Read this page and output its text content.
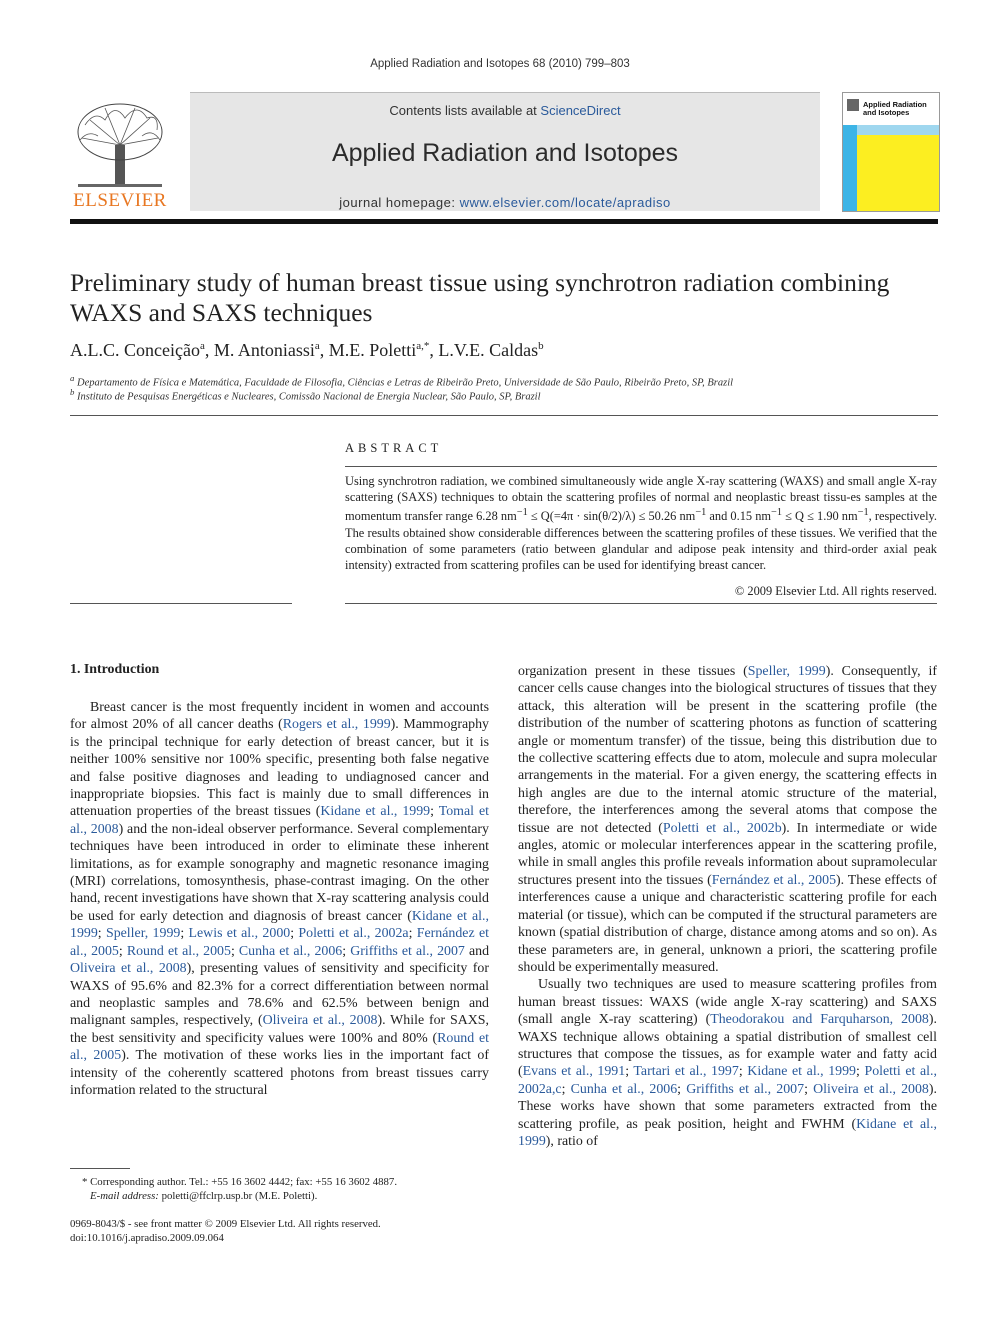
Applied Radiation and Isotopes 68 (2010) 799–803
ELSEVIER
Contents lists available at ScienceDirect
Applied Radiation and Isotopes
journal homepage: www.elsevier.com/locate/apradiso
Applied Radiation and Isotopes
Preliminary study of human breast tissue using synchrotron radiation combining WAXS and SAXS techniques
A.L.C. Conceição$^a$, M. Antoniassi$^a$, M.E. Poletti$^{a,*}$, L.V.E. Caldas$^b$
$^a$ Departamento de Física e Matemática, Faculdade de Filosofia, Ciências e Letras de Ribeirão Preto, Universidade de São Paulo, Ribeirão Preto, SP, Brazil
$^b$ Instituto de Pesquisas Energéticas e Nucleares, Comissão Nacional de Energia Nuclear, São Paulo, SP, Brazil
ABSTRACT
Using synchrotron radiation, we combined simultaneously wide angle X-ray scattering (WAXS) and small angle X-ray scattering (SAXS) techniques to obtain the scattering profiles of normal and neoplastic breast tissu-es samples at the momentum transfer range 6.28 $nm^{-1} \le Q(=4\pi \cdot \sin(\theta/2)/\lambda) \le 50.26$ $nm^{-1}$ and 0.15 $nm^{-1} \le Q \le 1.90$ $nm^{-1}$, respectively. The results obtained show considerable differences between the scattering profiles of these tissues. We verified that the combination of some parameters (ratio between glandular and adipose peak intensity and third-order axial peak intensity) extracted from scattering profiles can be used for identifying breast cancer.
© 2009 Elsevier Ltd. All rights reserved.
1. Introduction

Breast cancer is the most frequently incident in women and accounts for almost 20% of all cancer deaths (Rogers et al., 1999). Mammography is the principal technique for early detection of breast cancer, but it is neither 100% sensitive nor 100% specific, presenting both false negative and false positive diagnoses and leading to undiagnosed cancer and inappropriate biopsies. This fact is mainly due to small differences in attenuation properties of the breast tissues (Kidane et al., 1999; Tomal et al., 2008) and the non-ideal observer performance. Several complementary techniques have been introduced in order to eliminate these inherent limitations, as for example sonography and magnetic resonance imaging (MRI) correlations, tomosynthesis, phase-contrast imaging. On the other hand, recent investigations have shown that X-ray scattering analysis could be used for early detection and diagnosis of breast cancer (Kidane et al., 1999; Speller, 1999; Lewis et al., 2000; Poletti et al., 2002a; Fernández et al., 2005; Round et al., 2005; Cunha et al., 2006; Griffiths et al., 2007 and Oliveira et al., 2008), presenting values of sensitivity and specificity for WAXS of 95.6% and 82.3% for a correct differentiation between normal and neoplastic samples and 78.6% and 62.5% between benign and malignant samples, respectively, (Oliveira et al., 2008). While for SAXS, the best sensitivity and specificity values were 100% and 80% (Round et al., 2005). The motivation of these works lies in the important fact of intensity of the coherently scattered photons from breast tissues carry information related to the structural

organization present in these tissues (Speller, 1999). Consequently, if cancer cells cause changes into the biological structures of tissues that they attack, this alteration will be present in the scattering profile (the distribution of the number of scattering photons as function of scattering angle or momentum transfer) of the tissue, being this distribution due to the collective scattering effects due to atom, molecule and supra molecular arrangements in the material. For a given energy, the scattering effects in high angles are due to the internal atomic structure of the material, therefore, the interferences among the several atoms that compose the tissue are not detected (Poletti et al., 2002b). In intermediate or wide angles, atomic or molecular interferences appear in the scattering profile, while in small angles this profile reveals information about supramolecular structures present into the tissues (Fernández et al., 2005). These effects of interferences cause a unique and characteristic scattering profile for each material (or tissue), which can be computed if the structural parameters are known (spatial distribution of charge, distance among atoms and so on). As these parameters are, in general, unknown a priori, the scattering profile should be experimentally measured.

Usually two techniques are used to measure scattering profiles from human breast tissues: WAXS (wide angle X-ray scattering) and SAXS (small angle X-ray scattering) (Theodorakou and Farquharson, 2008). WAXS technique allows obtaining a spatial distribution of smallest cell structures that compose the tissues, as for example water and fatty acid (Evans et al., 1991; Tartari et al., 1997; Kidane et al., 1999; Poletti et al., 2002a,c; Cunha et al., 2006; Griffiths et al., 2007; Oliveira et al., 2008). These works have shown that some parameters extracted from the scattering profile, as peak position, height and FWHM (Kidane et al., 1999), ratio of

* Corresponding author. Tel.: +55 16 3602 4442; fax: +55 16 3602 4887.
E-mail address: poletti@ffclrp.usp.br (M.E. Poletti).
0969-8043/$ - see front matter © 2009 Elsevier Ltd. All rights reserved.
doi:10.1016/j.apradiso.2009.09.064
